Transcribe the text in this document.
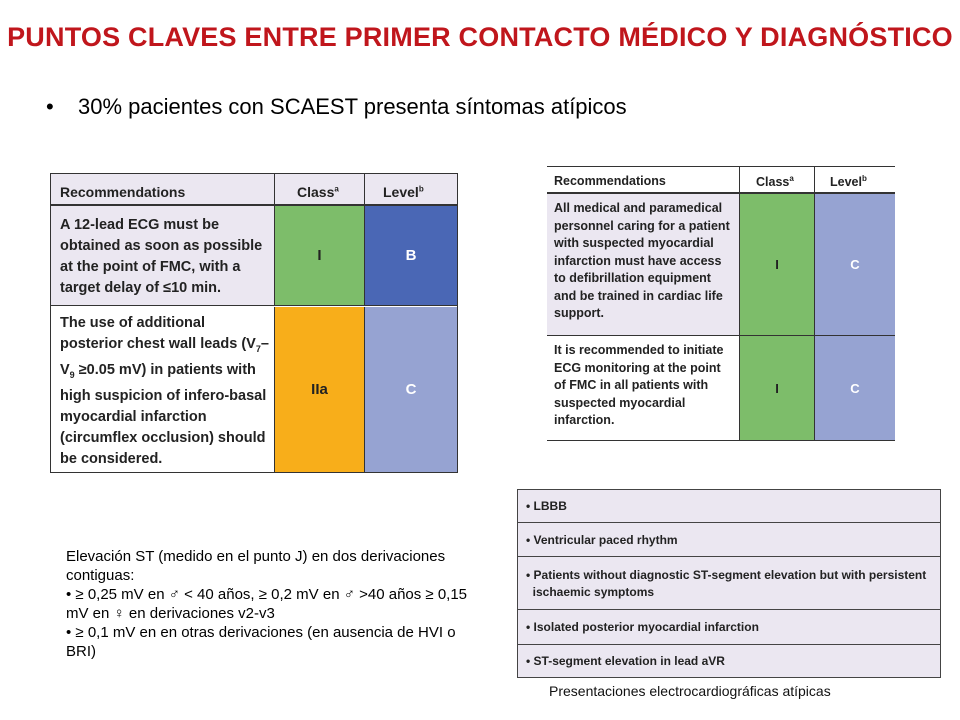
PUNTOS CLAVES ENTRE PRIMER CONTACTO MÉDICO Y DIAGNÓSTICO
• 30% pacientes con SCAEST presenta síntomas atípicos
Recommendations	Class$^a$	Level$^b$
A 12-lead ECG must be obtained as soon as possible at the point of FMC, with a target delay of ≤10 min.
I	B
The use of additional posterior chest wall leads ($V_7-V_9 \ge 0.05$ mV) in patients with high suspicion of infero-basal myocardial infarction (circumflex occlusion) should be considered.
IIa	C
Recommendations	Class$^a$	Level$^b$
All medical and paramedical personnel caring for a patient with suspected myocardial infarction must have access to defibrillation equipment and be trained in cardiac life support.
I	C
It is recommended to initiate ECG monitoring at the point of FMC in all patients with suspected myocardial infarction.
I	C
• LBBB
• Ventricular paced rhythm
• Patients without diagnostic ST-segment elevation but with persistent
ischaemic symptoms
• Isolated posterior myocardial infarction
• ST-segment elevation in lead aVR
Elevación ST (medido en el punto J) en dos derivaciones contiguas:
• ≥ 0,25 mV en ♂ < 40 años, ≥ 0,2 mV en ♂ >40 años ≥ 0,15 mV en ♀ en derivaciones v2-v3
• ≥ 0,1 mV en en otras derivaciones (en ausencia de HVI o BRI)
Presentaciones electrocardiográficas atípicas
